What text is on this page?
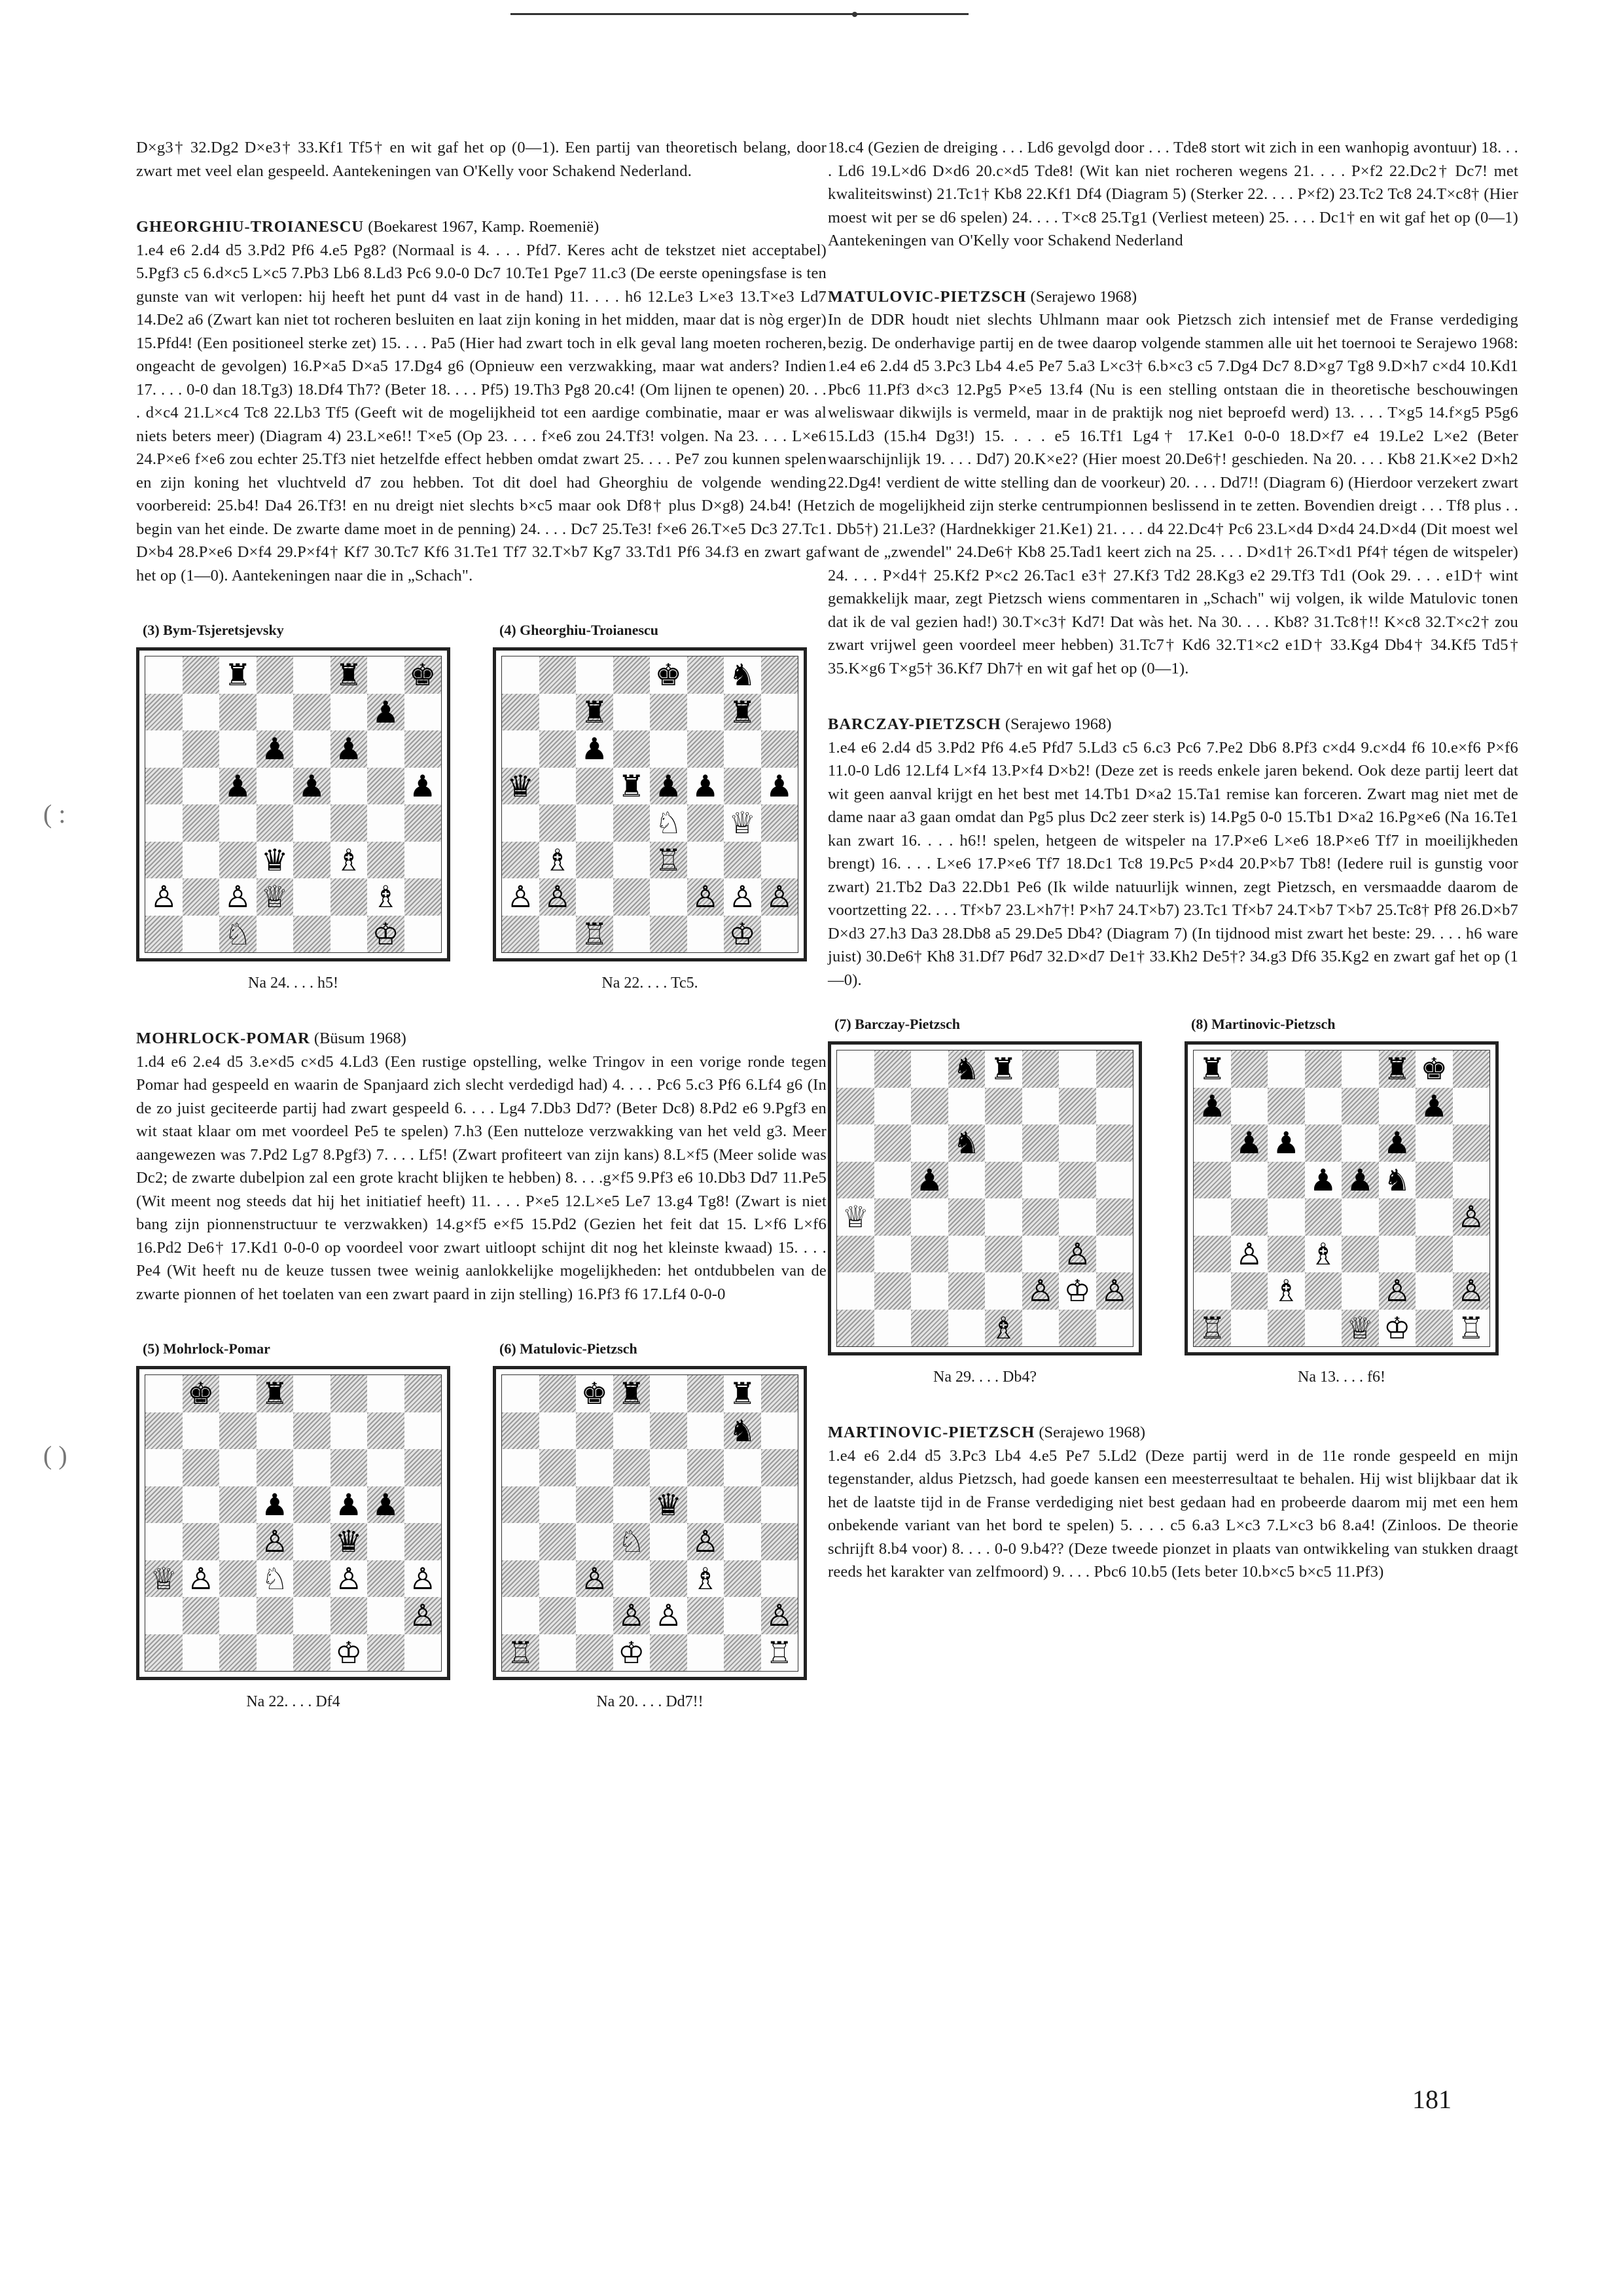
( :
( )

D×g3† 32.Dg2 D×e3† 33.Kf1 Tf5† en wit gaf het op (0—1). Een partij van theoretisch belang, door zwart met veel elan gespeeld. Aantekeningen van O'Kelly voor Schakend Nederland.

GHEORGHIU-TROIANESCU (Boekarest 1967, Kamp. Roemenië)

1.e4 e6 2.d4 d5 3.Pd2 Pf6 4.e5 Pg8? (Normaal is 4. . . . Pfd7. Keres acht de tekstzet niet acceptabel) 5.Pgf3 c5 6.d×c5 L×c5 7.Pb3 Lb6 8.Ld3 Pc6 9.0-0 Dc7 10.Te1 Pge7 11.c3 (De eerste openingsfase is ten gunste van wit verlopen: hij heeft het punt d4 vast in de hand) 11. . . . h6 12.Le3 L×e3 13.T×e3 Ld7 14.De2 a6 (Zwart kan niet tot rocheren besluiten en laat zijn koning in het midden, maar dat is nòg erger) 15.Pfd4! (Een positioneel sterke zet) 15. . . . Pa5 (Hier had zwart toch in elk geval lang moeten rocheren, ongeacht de gevolgen) 16.P×a5 D×a5 17.Dg4 g6 (Opnieuw een verzwakking, maar wat anders? Indien 17. . . . 0-0 dan 18.Tg3) 18.Df4 Th7? (Beter 18. . . . Pf5) 19.Th3 Pg8 20.c4! (Om lijnen te openen) 20. . . . d×c4 21.L×c4 Tc8 22.Lb3 Tf5 (Geeft wit de mogelijkheid tot een aardige combinatie, maar er was al niets beters meer) (Diagram 4) 23.L×e6!! T×e5 (Op 23. . . . f×e6 zou 24.Tf3! volgen. Na 23. . . . L×e6 24.P×e6 f×e6 zou echter 25.Tf3 niet hetzelfde effect hebben omdat zwart 25. . . . Pe7 zou kunnen spelen en zijn koning het vluchtveld d7 zou hebben. Tot dit doel had Gheorghiu de volgende wending voorbereid: 25.b4! Da4 26.Tf3! en nu dreigt niet slechts b×c5 maar ook Df8† plus D×g8) 24.b4! (Het begin van het einde. De zwarte dame moet in de penning) 24. . . . Dc7 25.Te3! f×e6 26.T×e5 Dc3 27.Tc1 D×b4 28.P×e6 D×f4 29.P×f4† Kf7 30.Tc7 Kf6 31.Te1 Tf7 32.T×b7 Kg7 33.Td1 Pf6 34.f3 en zwart gaf het op (1—0). Aantekeningen naar die in „Schach".

(3) Bym-Tsjeretsjevsky
♜	♜ ♚
♟
♟ ♟
♟ ♟	♟
♛ ♗
♙ ♙ ♕	♗
♘	♔
Na 24. . . . h5!
(4) Gheorghiu-Troianescu
♚ ♞
♜	♜
♟
♛	♜ ♟ ♟ ♟
♘ ♕
♗	♖
♙ ♙	♙ ♙ ♙
♖	♔
Na 22. . . . Tc5.

MOHRLOCK-POMAR (Büsum 1968)

1.d4 e6 2.e4 d5 3.e×d5 c×d5 4.Ld3 (Een rustige opstelling, welke Tringov in een vorige ronde tegen Pomar had gespeeld en waarin de Spanjaard zich slecht verdedigd had) 4. . . . Pc6 5.c3 Pf6 6.Lf4 g6 (In de zo juist geciteerde partij had zwart gespeeld 6. . . . Lg4 7.Db3 Dd7? (Beter Dc8) 8.Pd2 e6 9.Pgf3 en wit staat klaar om met voordeel Pe5 te spelen) 7.h3 (Een nutteloze verzwakking van het veld g3. Meer aangewezen was 7.Pd2 Lg7 8.Pgf3) 7. . . . Lf5! (Zwart profiteert van zijn kans) 8.L×f5 (Meer solide was Dc2; de zwarte dubelpion zal een grote kracht blijken te hebben) 8. . . .g×f5 9.Pf3 e6 10.Db3 Dd7 11.Pe5 (Wit meent nog steeds dat hij het initiatief heeft) 11. . . . P×e5 12.L×e5 Le7 13.g4 Tg8! (Zwart is niet bang zijn pionnenstructuur te verzwakken) 14.g×f5 e×f5 15.Pd2 (Gezien het feit dat 15. L×f6 L×f6 16.Pd2 De6† 17.Kd1 0-0-0 op voordeel voor zwart uitloopt schijnt dit nog het kleinste kwaad) 15. . . . Pe4 (Wit heeft nu de keuze tussen twee weinig aanlokkelijke mogelijkheden: het ontdubbelen van de zwarte pionnen of het toelaten van een zwart paard in zijn stelling) 16.Pf3 f6 17.Lf4 0-0-0

(5) Mohrlock-Pomar
♚ ♜
♟ ♟ ♟
♙ ♛
♕ ♙ ♘ ♙ ♙
♙
♔
Na 22. . . . Df4
(6) Matulovic-Pietzsch
♚ ♜	♜
♞
♛
♘ ♙
♙	♗
♙ ♙	♙
♖	♔	♖
Na 20. . . . Dd7!!

18.c4 (Gezien de dreiging . . . Ld6 gevolgd door . . . Tde8 stort wit zich in een wanhopig avontuur) 18. . . . Ld6 19.L×d6 D×d6 20.c×d5 Tde8! (Wit kan niet rocheren wegens 21. . . . P×f2 22.Dc2† Dc7! met kwaliteitswinst) 21.Tc1† Kb8 22.Kf1 Df4 (Diagram 5) (Sterker 22. . . . P×f2) 23.Tc2 Tc8 24.T×c8† (Hier moest wit per se d6 spelen) 24. . . . T×c8 25.Tg1 (Verliest meteen) 25. . . . Dc1† en wit gaf het op (0—1) Aantekeningen van O'Kelly voor Schakend Nederland

MATULOVIC-PIETZSCH (Serajewo 1968)

In de DDR houdt niet slechts Uhlmann maar ook Pietzsch zich intensief met de Franse verdediging bezig. De onderhavige partij en de twee daarop volgende stammen alle uit het toernooi te Serajewo 1968: 1.e4 e6 2.d4 d5 3.Pc3 Lb4 4.e5 Pe7 5.a3 L×c3† 6.b×c3 c5 7.Dg4 Dc7 8.D×g7 Tg8 9.D×h7 c×d4 10.Kd1 Pbc6 11.Pf3 d×c3 12.Pg5 P×e5 13.f4 (Nu is een stelling ontstaan die in theoretische beschouwingen weliswaar dikwijls is vermeld, maar in de praktijk nog niet beproefd werd) 13. . . . T×g5 14.f×g5 P5g6 15.Ld3 (15.h4 Dg3!) 15. . . . e5 16.Tf1 Lg4† 17.Ke1 0-0-0 18.D×f7 e4 19.Le2 L×e2 (Beter waarschijnlijk 19. . . . Dd7) 20.K×e2? (Hier moest 20.De6†! geschieden. Na 20. . . . Kb8 21.K×e2 D×h2 22.Dg4! verdient de witte stelling dan de voorkeur) 20. . . . Dd7!! (Diagram 6) (Hierdoor verzekert zwart zich de mogelijkheid zijn sterke centrumpionnen beslissend in te zetten. Bovendien dreigt . . . Tf8 plus . . . Db5†) 21.Le3? (Hardnekkiger 21.Ke1) 21. . . . d4 22.Dc4† Pc6 23.L×d4 D×d4 24.D×d4 (Dit moest wel want de „zwendel" 24.De6† Kb8 25.Tad1 keert zich na 25. . . . D×d1† 26.T×d1 Pf4† tégen de witspeler) 24. . . . P×d4† 25.Kf2 P×c2 26.Tac1 e3† 27.Kf3 Td2 28.Kg3 e2 29.Tf3 Td1 (Ook 29. . . . e1D† wint gemakkelijk maar, zegt Pietzsch wiens commentaren in „Schach" wij volgen, ik wilde Matulovic tonen dat ik de val gezien had!) 30.T×c3† Kd7! Dat wàs het. Na 30. . . . Kb8? 31.Tc8†!! K×c8 32.T×c2† zou zwart vrijwel geen voordeel meer hebben) 31.Tc7† Kd6 32.T1×c2 e1D† 33.Kg4 Db4† 34.Kf5 Td5† 35.K×g6 T×g5† 36.Kf7 Dh7† en wit gaf het op (0—1).

BARCZAY-PIETZSCH (Serajewo 1968)

1.e4 e6 2.d4 d5 3.Pd2 Pf6 4.e5 Pfd7 5.Ld3 c5 6.c3 Pc6 7.Pe2 Db6 8.Pf3 c×d4 9.c×d4 f6 10.e×f6 P×f6 11.0-0 Ld6 12.Lf4 L×f4 13.P×f4 D×b2! (Deze zet is reeds enkele jaren bekend. Ook deze partij leert dat wit geen aanval krijgt en het best met 14.Tb1 D×a2 15.Ta1 remise kan forceren. Zwart mag niet met de dame naar a3 gaan omdat dan Pg5 plus Dc2 zeer sterk is) 14.Pg5 0-0 15.Tb1 D×a2 16.Pg×e6 (Na 16.Te1 kan zwart 16. . . . h6!! spelen, hetgeen de witspeler na 17.P×e6 L×e6 18.P×e6 Tf7 in moeilijkheden brengt) 16. . . . L×e6 17.P×e6 Tf7 18.Dc1 Tc8 19.Pc5 P×d4 20.P×b7 Tb8! (Iedere ruil is gunstig voor zwart) 21.Tb2 Da3 22.Db1 Pe6 (Ik wilde natuurlijk winnen, zegt Pietzsch, en versmaadde daarom de voortzetting 22. . . . Tf×b7 23.L×h7†! P×h7 24.T×b7) 23.Tc1 Tf×b7 24.T×b7 T×b7 25.Tc8† Pf8 26.D×b7 D×d3 27.h3 Da3 28.Db8 a5 29.De5 Db4? (Diagram 7) (In tijdnood mist zwart het beste: 29. . . . h6 ware juist) 30.De6† Kh8 31.Df7 P6d7 32.D×d7 De1† 33.Kh2 De5†? 34.g3 Df6 35.Kg2 en zwart gaf het op (1—0).

(7) Barczay-Pietzsch
♞ ♜
♞
♟
♕
♙
♙ ♔ ♙
♗
Na 29. . . . Db4?
(8) Martinovic-Pietzsch
♜	♜ ♚
♟	♟
♟ ♟	♟
♟ ♟ ♞
♙
♙ ♗
♗	♙ ♙
♖	♕ ♔ ♖
Na 13. . . . f6!

MARTINOVIC-PIETZSCH (Serajewo 1968)

1.e4 e6 2.d4 d5 3.Pc3 Lb4 4.e5 Pe7 5.Ld2 (Deze partij werd in de 11e ronde gespeeld en mijn tegenstander, aldus Pietzsch, had goede kansen een meesterresultaat te behalen. Hij wist blijkbaar dat ik het de laatste tijd in de Franse verdediging niet best gedaan had en probeerde daarom mij met een hem onbekende variant van het bord te spelen) 5. . . . c5 6.a3 L×c3 7.L×c3 b6 8.a4! (Zinloos. De theorie schrijft 8.b4 voor) 8. . . . 0-0 9.b4?? (Deze tweede pionzet in plaats van ontwikkeling van stukken draagt reeds het karakter van zelfmoord) 9. . . . Pbc6 10.b5 (Iets beter 10.b×c5 b×c5 11.Pf3)

181
